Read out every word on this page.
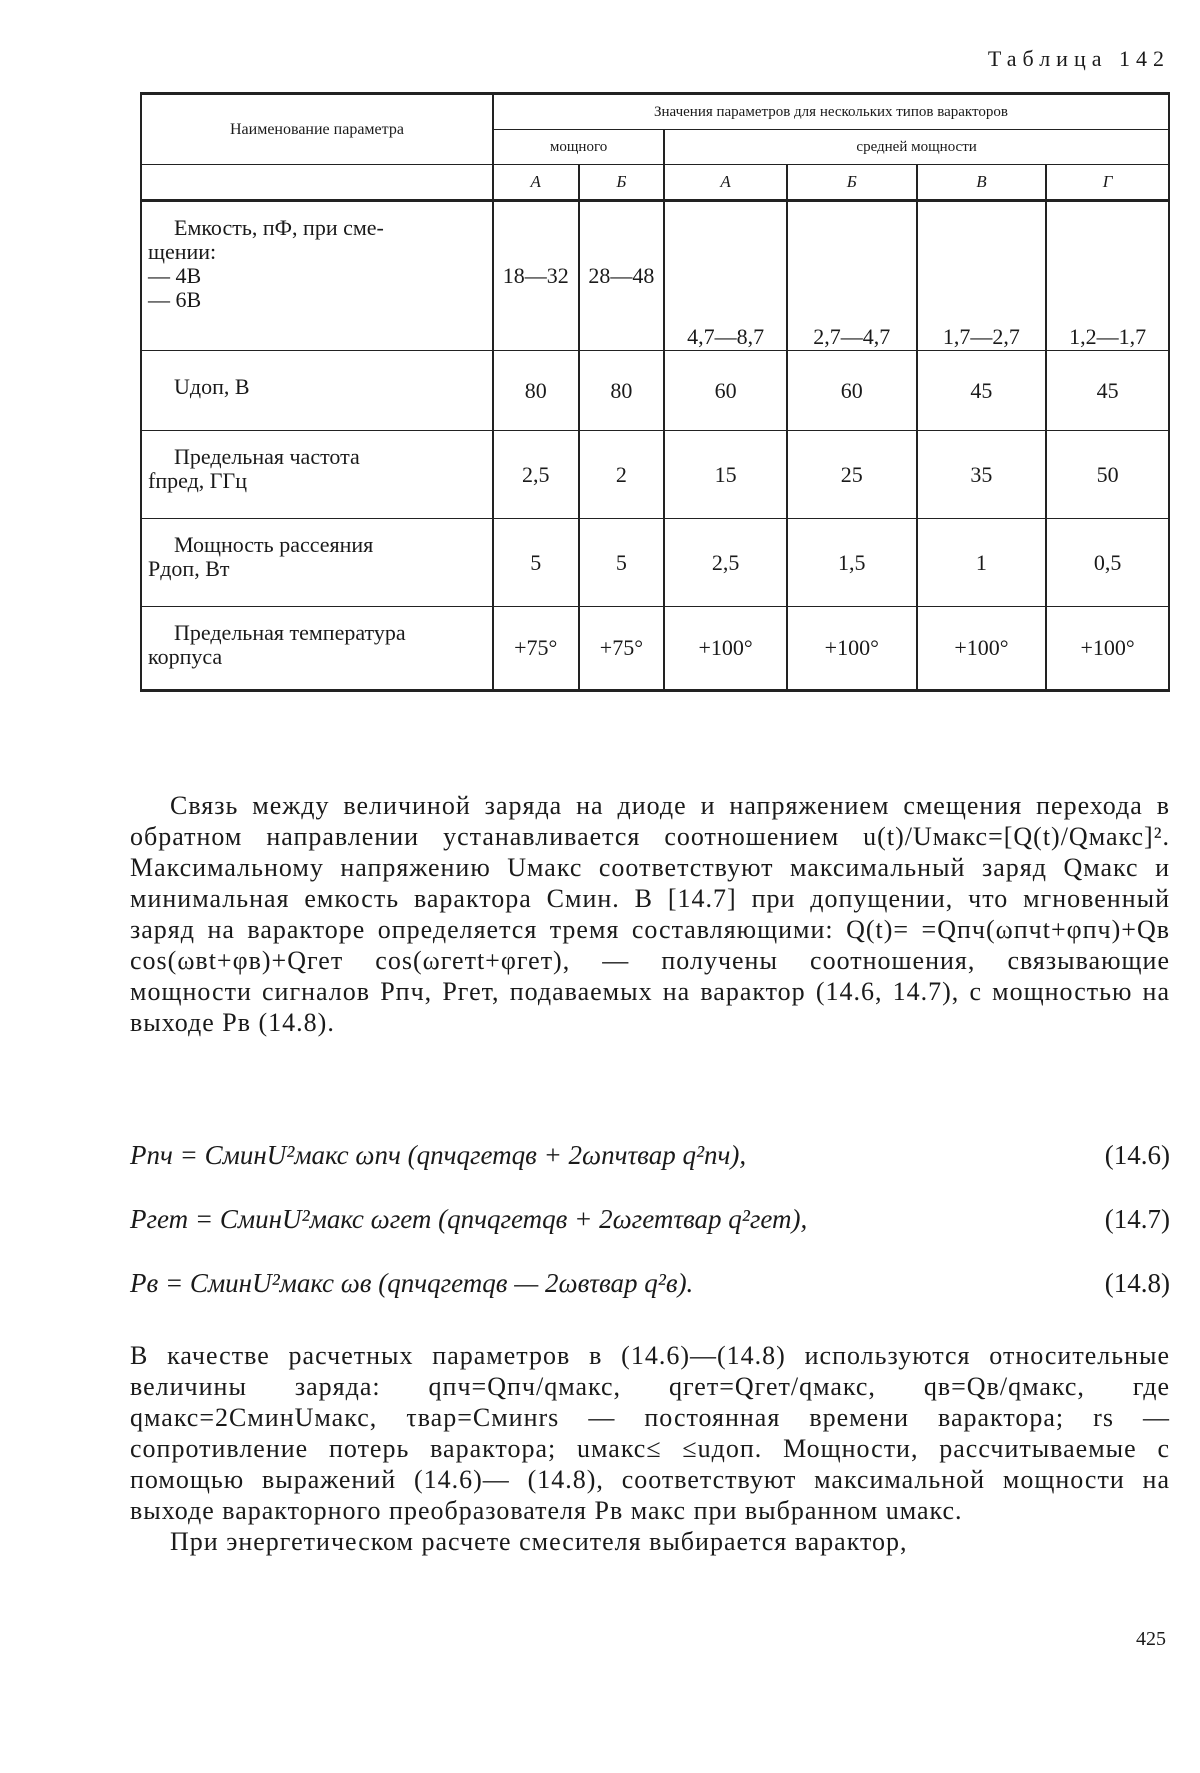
Таблица 142
Наименование параметра	Значения параметров для нескольких типов варакторов					
	мощного		средней мощности			
	А	Б	А	Б	В	Г

Емкость, пФ, при сме-
щении:
— 4В
— 6В	18—32	28—48	4,7—8,7	2,7—4,7	1,7—2,7	1,2—1,7

Uдоп, В	80	80	60	60	45	45

Предельная частота
fпред, ГГц	2,5	2	15	25	35	50

Мощность рассеяния
Pдоп, Вт	5	5	2,5	1,5	1	0,5

Предельная температура
корпуса	+75°	+75°	+100°	+100°	+100°	+100°

Связь между величиной заряда на диоде и напряжением смещения перехода в обратном направлении устанавливается соотношением u(t)/Uмакс=[Q(t)/Qмакс]². Максимальному напряжению Uмакс соответствуют максимальный заряд Qмакс и минимальная емкость варактора Cмин. В [14.7] при допущении, что мгновенный заряд на варакторе определяется тремя составляющими: Q(t)= =Qпч(ωпчt+φпч)+Qв cos(ωвt+φв)+Qгет cos(ωгетt+φгет), — получены соотношения, связывающие мощности сигналов Pпч, Pгет, подаваемых на варактор (14.6, 14.7), с мощностью на выходе Pв (14.8).

Pпч = CминU²макс ωпч (qпчqгетqв + 2ωпчτвар q²пч),	(14.6)
Pгет = CминU²макс ωгет (qпчqгетqв + 2ωгетτвар q²гет),	(14.7)
Pв = CминU²макс ωв (qпчqгетqв — 2ωвτвар q²в).	(14.8)

В качестве расчетных параметров в (14.6)—(14.8) используются относительные величины заряда: qпч=Qпч/qмакс, qгет=Qгет/qмакс, qв=Qв/qмакс, где qмакс=2CминUмакс, τвар=Cминrs — постоянная времени варактора; rs — сопротивление потерь варактора; uмакс≤ ≤uдоп. Мощности, рассчитываемые с помощью выражений (14.6)— (14.8), соответствуют максимальной мощности на выходе варакторного преобразователя Pв макс при выбранном uмакс.

При энергетическом расчете смесителя выбирается варактор,

425
